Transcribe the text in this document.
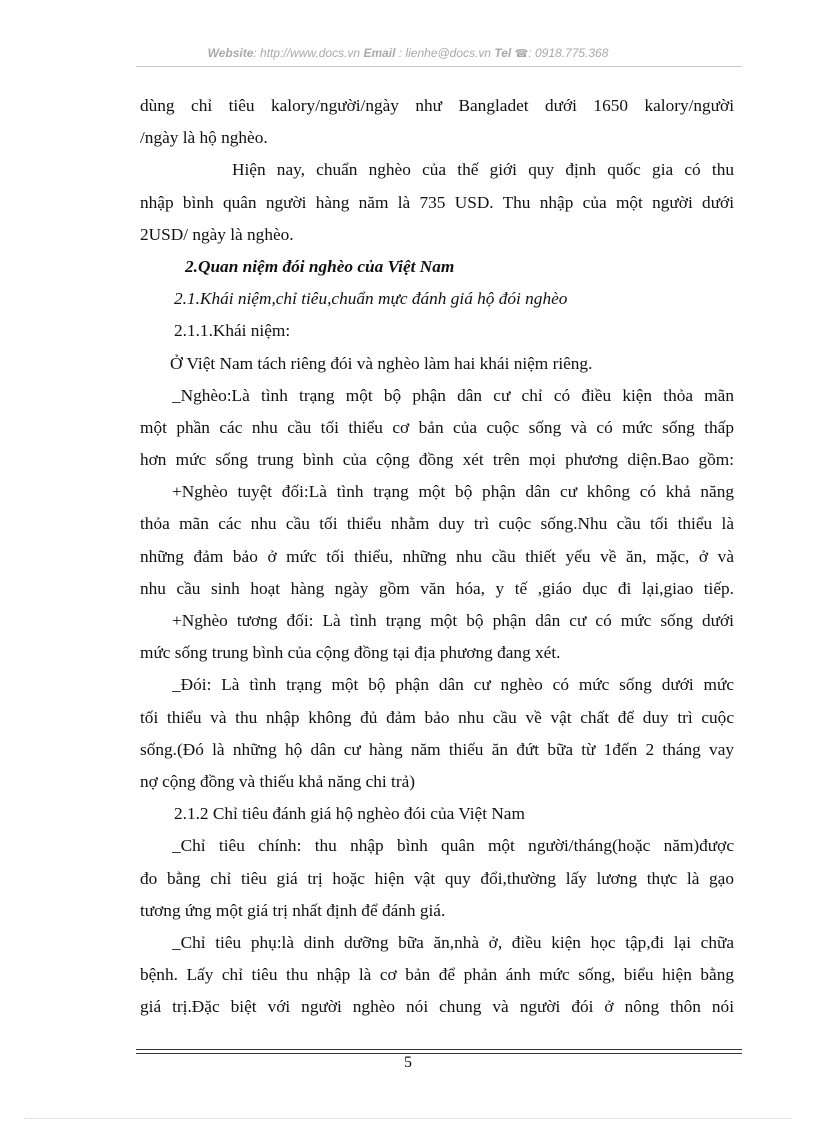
Website: http://www.docs.vn Email : lienhe@docs.vn Tel ☎: 0918.775.368
dùng chỉ tiêu kalory/người/ngày như Bangladet dưới 1650 kalory/người
/ngày là hộ nghèo.
Hiện nay, chuẩn nghèo của thế giới quy định quốc gia có thu
nhập bình quân người hàng năm là 735 USD. Thu nhập của một người dưới
2USD/ ngày là nghèo.
2.Quan niệm đói nghèo của Việt Nam
2.1.Khái niệm,chỉ tiêu,chuẩn mực đánh giá hộ đói nghèo
2.1.1.Khái niệm:
Ở Việt Nam tách riêng đói và nghèo làm hai khái niệm riêng.
_Nghèo:Là tình trạng một bộ phận dân cư chỉ có điều kiện thỏa mãn
một phần các nhu cầu tối thiểu cơ bản của cuộc sống và có mức sống thấp
hơn mức sống trung bình của cộng đồng xét trên mọi phương diện.Bao gồm:
+Nghèo tuyệt đối:Là tình trạng một bộ phận dân cư không có khả năng
thỏa mãn các nhu cầu tối thiểu nhằm duy trì cuộc sống.Nhu cầu tối thiểu là
những đảm bảo ở mức tối thiểu, những nhu cầu thiết yếu về ăn, mặc, ở và
nhu cầu sinh hoạt hàng ngày gồm văn hóa, y tế ,giáo dục đi lại,giao tiếp.
+Nghèo tương đối: Là tình trạng một bộ phận dân cư có mức sống dưới
mức sống trung bình của cộng đồng tại địa phương đang xét.
_Đói: Là tình trạng một bộ phận dân cư nghèo có mức sống dưới mức
tối thiểu và thu nhập không đủ đảm bảo nhu cầu về vật chất để duy trì cuộc
sống.(Đó là những hộ dân cư hàng năm thiếu ăn đứt bữa từ 1đến 2 tháng vay
nợ cộng đồng và thiếu khả năng chi trả)
2.1.2 Chỉ tiêu đánh giá hộ nghèo đói của Việt Nam
_Chỉ tiêu chính: thu nhập bình quân một người/tháng(hoặc năm)được
đo bằng chỉ tiêu giá trị hoặc hiện vật quy đổi,thường lấy lương thực là gạo
tương ứng một giá trị nhất định để đánh giá.
_Chỉ tiêu phụ:là dinh dưỡng bữa ăn,nhà ở, điều kiện học tập,đi lại chữa
bệnh. Lấy chỉ tiêu thu nhập là cơ bản để phản ánh mức sống, biểu hiện bằng
giá trị.Đặc biệt với người nghèo nói chung và người đói ở nông thôn nói
5
